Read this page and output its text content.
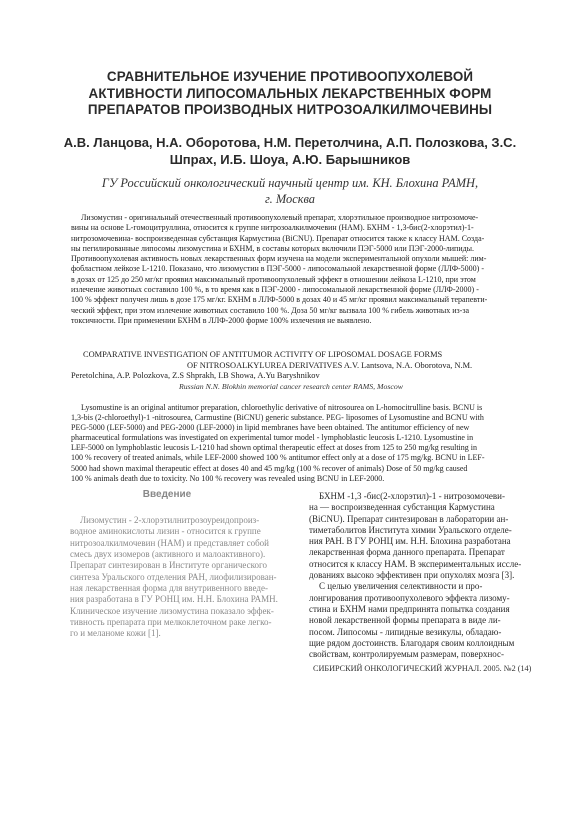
СРАВНИТЕЛЬНОЕ ИЗУЧЕНИЕ ПРОТИВООПУХОЛЕВОЙ
АКТИВНОСТИ ЛИПОСОМАЛЬНЫХ ЛЕКАРСТВЕННЫХ ФОРМ
ПРЕПАРАТОВ ПРОИЗВОДНЫХ НИТРОЗОАЛКИЛМОЧЕВИНЫ
А.В. Ланцова, Н.А. Оборотова, Н.М. Перетолчина, А.П. Полозкова, З.С.
Шпрах, И.Б. Шоуа, А.Ю. Барышников
ГУ Российский онкологический научный центр им. КН. Блохина РАМН,
г. Москва
Лизомустин - оригинальный отечественный противоопухолевый препарат, хлорэтильное производное нитрозомоче-
вины на основе L-гомоцитруллина, относится к группе нитрозоалкилмочевин (НАМ). БХНМ - 1,3-бис(2-хлорэтил)-1-
нитрозомочевина- воспроизведенная субстанция Кармустина (BiCNU). Препарат относится также к классу НАМ. Созда-
ны пегилированные липосомы лизомустина и БХНМ, в составы которых включили ПЭГ-5000 или ПЭГ-2000-липиды.
Противоопухолевая активность новых лекарственных форм изучена на модели экспериментальной опухоли мышей: лим-
фобластном лейкозе L-1210. Показано, что лизомустин в ПЭГ-5000 - липосомальной лекарственной форме (ЛЛФ-5000) -
в дозах от 125 до 250 мг/кг проявил максимальный противоопухолевый эффект в отношении лейкоза L-1210, при этом
излечение животных составило 100 %, в то время как в ПЭГ-2000 - липосомальной лекарственной форме (ЛЛФ-2000) -
100 % эффект получен лишь в дозе 175 мг/кг. БХНМ в ЛЛФ-5000 в дозах 40 и 45 мг/кг проявил максимальный терапевти-
ческий эффект, при этом излечение животных составило 100 %. Доза 50 мг/кг вызвала 100 % гибель животных из-за
токсичности. При применении БХНМ в ЛЛФ-2000 форме 100% излечения не выявлено.
COMPARATIVE INVESTIGATION OF ANTITUMOR ACTIVITY OF LIPOSOMAL DOSAGE FORMS
OF NITROSOALKYLUREA DERIVATIVES A.V. Lantsova, N.A. Oborotova, N.M.
Peretolchina, A.P. Polozkova, Z.S Shprakh, I.B Showa, A.Yu Baryshnikov
Russian N.N. Blokhin memorial cancer research center RAMS, Moscow
Lysomustine is an original antitumor preparation, chloroethylic derivative of nitrosourea on L-homocitrulline basis. BCNU is
1,3-bis (2-chloroethyl)-1 -nitrosourea, Carmustine (BiCNU) generic substance. PEG- liposomes of Lysomustine and BCNU with
PEG-5000 (LEF-5000) and PEG-2000 (LEF-2000) in lipid membranes have been obtained. The antitumor efficiency of new
pharmaceutical formulations was investigated on experimental tumor model - lymphoblastic leucosis L-1210. Lysomustine in
LEF-5000 on lymphoblastic leucosis L-1210 had shown optimal therapeutic effect at doses from 125 to 250 mg/kg resulting in
100 % recovery of treated animals, while LEF-2000 showed 100 % antitumor effect only at a dose of 175 mg/kg. BCNU in LEF-
5000 had shown maximal therapeutic effect at doses 40 and 45 mg/kg (100 % recover of animals) Dose of 50 mg/kg caused
100 % animals death due to toxicity. No 100 % recovery was revealed using BCNU in LEF-2000.
Введение
Лизомустин - 2-хлорэтилнитрозоуреидопроиз-
водное аминокислоты лизин - относится к группе
нитрозоалкилмочевин (НАМ) и представляет собой
смесь двух изомеров (активного и малоактивного).
Препарат синтезирован в Институте органического
синтеза Уральского отделения РАН, лиофилизирован-
ная лекарственная форма для внутривенного введе-
ния разработана в ГУ РОНЦ им. Н.Н. Блохина РАМН.
Клиническое изучение лизомустина показало эффек-
тивность препарата при мелкоклеточном раке легко-
го и меланоме кожи [1].
БХНМ -1,3 -бис(2-хлорэтил)-1 - нитрозомочеви-
на — воспроизведенная субстанция Кармустина
(BiCNU). Препарат синтезирован в лаборатории ан-
тиметаболитов Института химии Уральского отделе-
ния РАН. В ГУ РОНЦ им. Н.Н. Блохина разработана
лекарственная форма данного препарата. Препарат
относится к классу НАМ. В экспериментальных иссле-
дованиях высоко эффективен при опухолях мозга [3].
С целью увеличения селективности и про-
лонгирования противоопухолевого эффекта лизому-
стина и БХНМ нами предпринята попытка создания
новой лекарственной формы препарата в виде ли-
посом. Липосомы - липидные везикулы, обладаю-
щие рядом достоинств. Благодаря своим коллоидным
свойствам, контролируемым размерам, поверхнос-
СИБИРСКИЙ ОНКОЛОГИЧЕСКИЙ ЖУРНАЛ. 2005. №2 (14)
